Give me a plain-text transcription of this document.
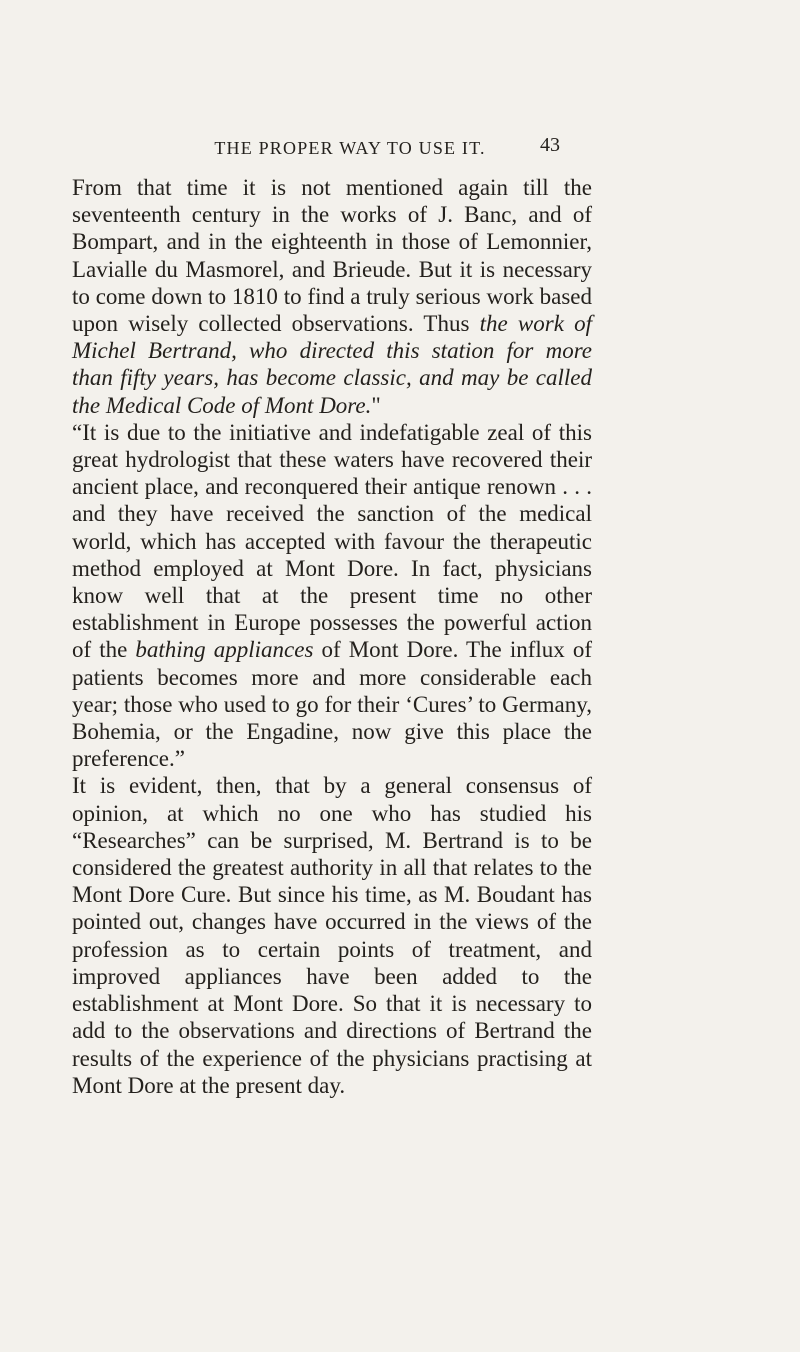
THE PROPER WAY TO USE IT.	43

From that time it is not mentioned again till the seventeenth century in the works of J. Banc, and of Bompart, and in the eighteenth in those of Lemonnier, Lavialle du Masmorel, and Brieude. But it is necessary to come down to 1810 to find a truly serious work based upon wisely collected observations. Thus the work of Michel Bertrand, who directed this station for more than fifty years, has become classic, and may be called the Medical Code of Mont Dore."

“It is due to the initiative and indefatigable zeal of this great hydrologist that these waters have recovered their ancient place, and reconquered their antique renown . . . and they have received the sanction of the medical world, which has accepted with favour the therapeutic method employed at Mont Dore. In fact, physicians know well that at the present time no other establishment in Europe possesses the powerful action of the bathing appliances of Mont Dore. The influx of patients becomes more and more considerable each year; those who used to go for their ‘Cures’ to Germany, Bohemia, or the Engadine, now give this place the preference.”

It is evident, then, that by a general consensus of opinion, at which no one who has studied his “Researches” can be surprised, M. Bertrand is to be considered the greatest authority in all that relates to the Mont Dore Cure. But since his time, as M. Boudant has pointed out, changes have occurred in the views of the profession as to certain points of treatment, and improved appliances have been added to the establishment at Mont Dore. So that it is necessary to add to the observations and directions of Bertrand the results of the experience of the physicians practising at Mont Dore at the present day.
